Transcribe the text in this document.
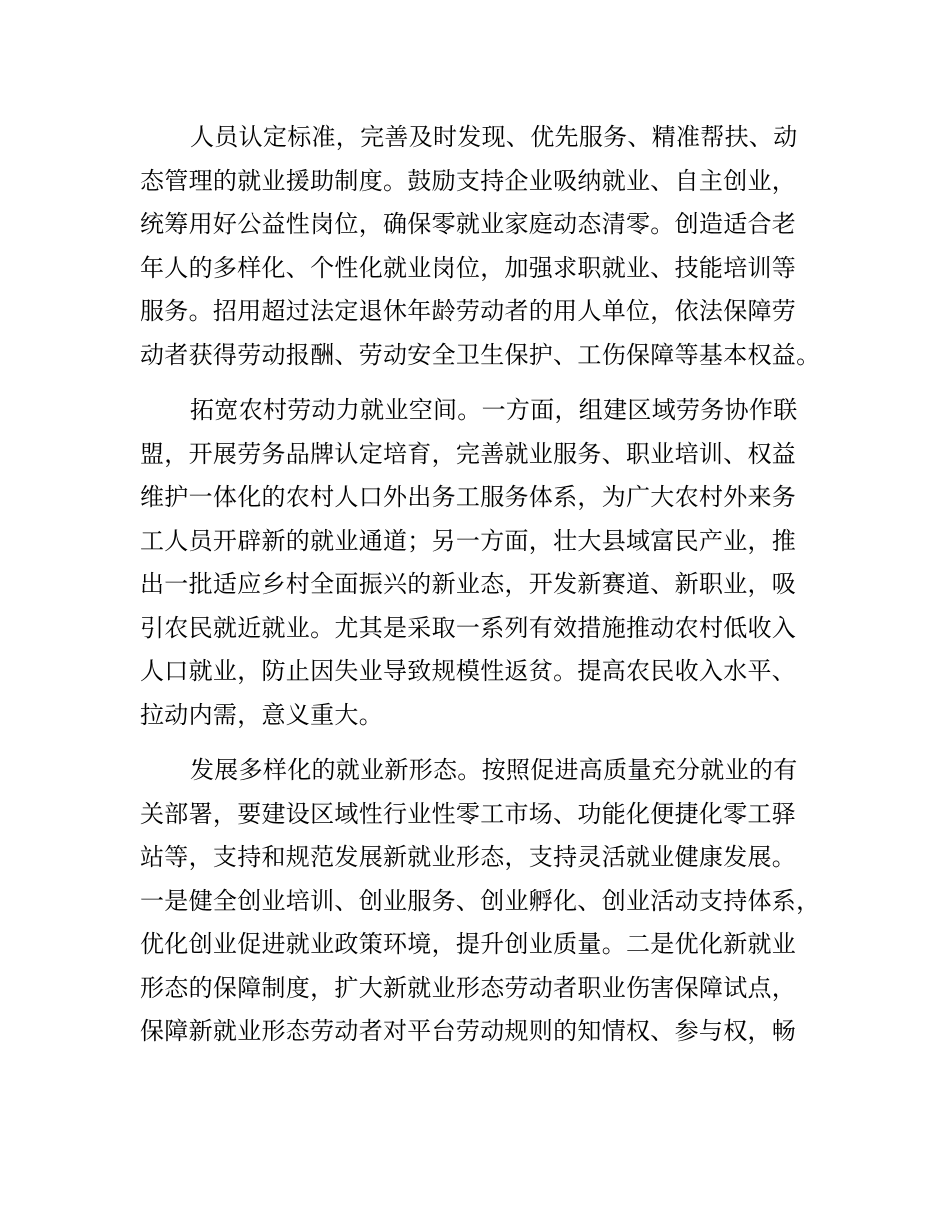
人员认定标准，完善及时发现、优先服务、精准帮扶、动
态管理的就业援助制度。鼓励支持企业吸纳就业、自主创业，
统筹用好公益性岗位，确保零就业家庭动态清零。创造适合老
年人的多样化、个性化就业岗位，加强求职就业、技能培训等
服务。招用超过法定退休年龄劳动者的用人单位，依法保障劳
动者获得劳动报酬、劳动安全卫生保护、工伤保障等基本权益。

拓宽农村劳动力就业空间。一方面，组建区域劳务协作联
盟，开展劳务品牌认定培育，完善就业服务、职业培训、权益
维护一体化的农村人口外出务工服务体系，为广大农村外来务
工人员开辟新的就业通道；另一方面，壮大县域富民产业，推
出一批适应乡村全面振兴的新业态，开发新赛道、新职业，吸
引农民就近就业。尤其是采取一系列有效措施推动农村低收入
人口就业，防止因失业导致规模性返贫。提高农民收入水平、
拉动内需，意义重大。

发展多样化的就业新形态。按照促进高质量充分就业的有
关部署，要建设区域性行业性零工市场、功能化便捷化零工驿
站等，支持和规范发展新就业形态，支持灵活就业健康发展。
一是健全创业培训、创业服务、创业孵化、创业活动支持体系，
优化创业促进就业政策环境，提升创业质量。二是优化新就业
形态的保障制度，扩大新就业形态劳动者职业伤害保障试点，
保障新就业形态劳动者对平台劳动规则的知情权、参与权，畅
